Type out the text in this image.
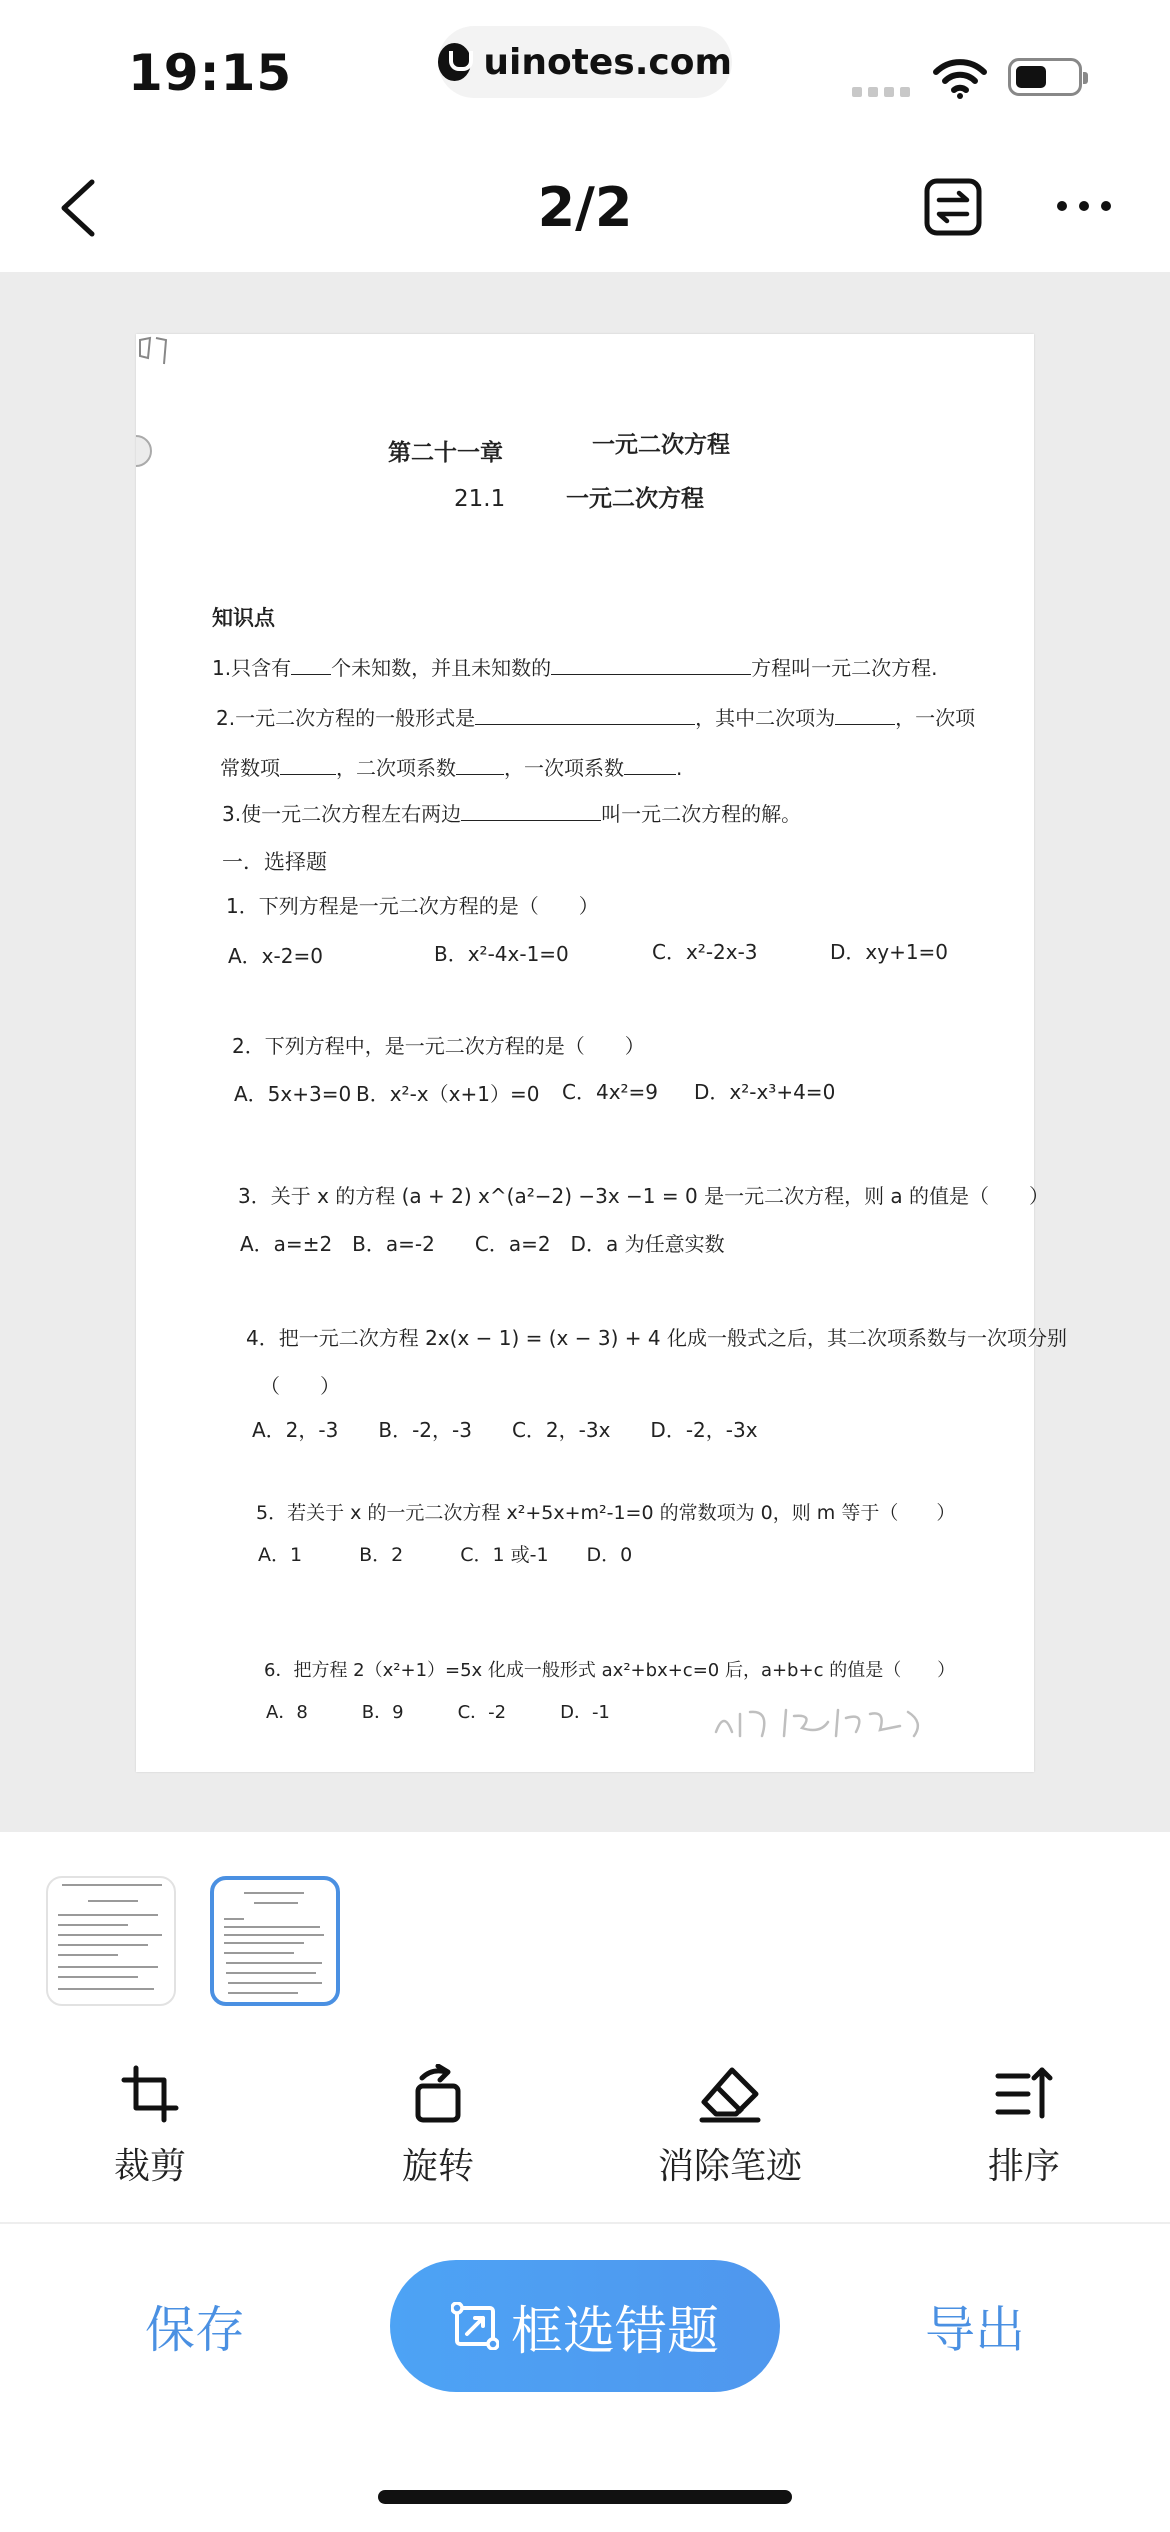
19:15	uinotes.com
2/2
第二十一章	一元二次方程
21.1	一元二次方程
知识点
1.只含有 个未知数，并且未知数的	方程叫一元二次方程.
2.一元二次方程的一般形式是	，其中二次项为	，一次项
常数项	，二次项系数 ，一次项系数	.
3.使一元二次方程左右两边	叫一元二次方程的解。
一．选择题
1．下列方程是一元二次方程的是（　　）
A．x-2=0	B．x²-4x-1=0	C．x²-2x-3	D．xy+1=0
2．下列方程中，是一元二次方程的是（　　）
A．5x+3=0 B．x²-x（x+1）=0 C．4x²=9 D．x²-x³+4=0
3．关于 x 的方程 (a + 2) x^(a²−2) −3x −1 = 0 是一元二次方程，则 a 的值是（　　）
A．a=±2　B．a=-2　　C．a=2　D．a 为任意实数
4．把一元二次方程 2x(x − 1) = (x − 3) + 4 化成一般式之后，其二次项系数与一次项分别
（　　）
A．2，-3　　B．-2，-3　　C．2，-3x　　D．-2，-3x
5．若关于 x 的一元二次方程 x²+5x+m²-1=0 的常数项为 0，则 m 等于（　　）
A．1　　　B．2　　　C．1 或-1　　D．0
6．把方程 2（x²+1）=5x 化成一般形式 ax²+bx+c=0 后，a+b+c 的值是（　　）
A．8　　　B．9　　　C．-2　　　D．-1
裁剪	旋转	消除笔迹	排序
保存	框选错题	导出
